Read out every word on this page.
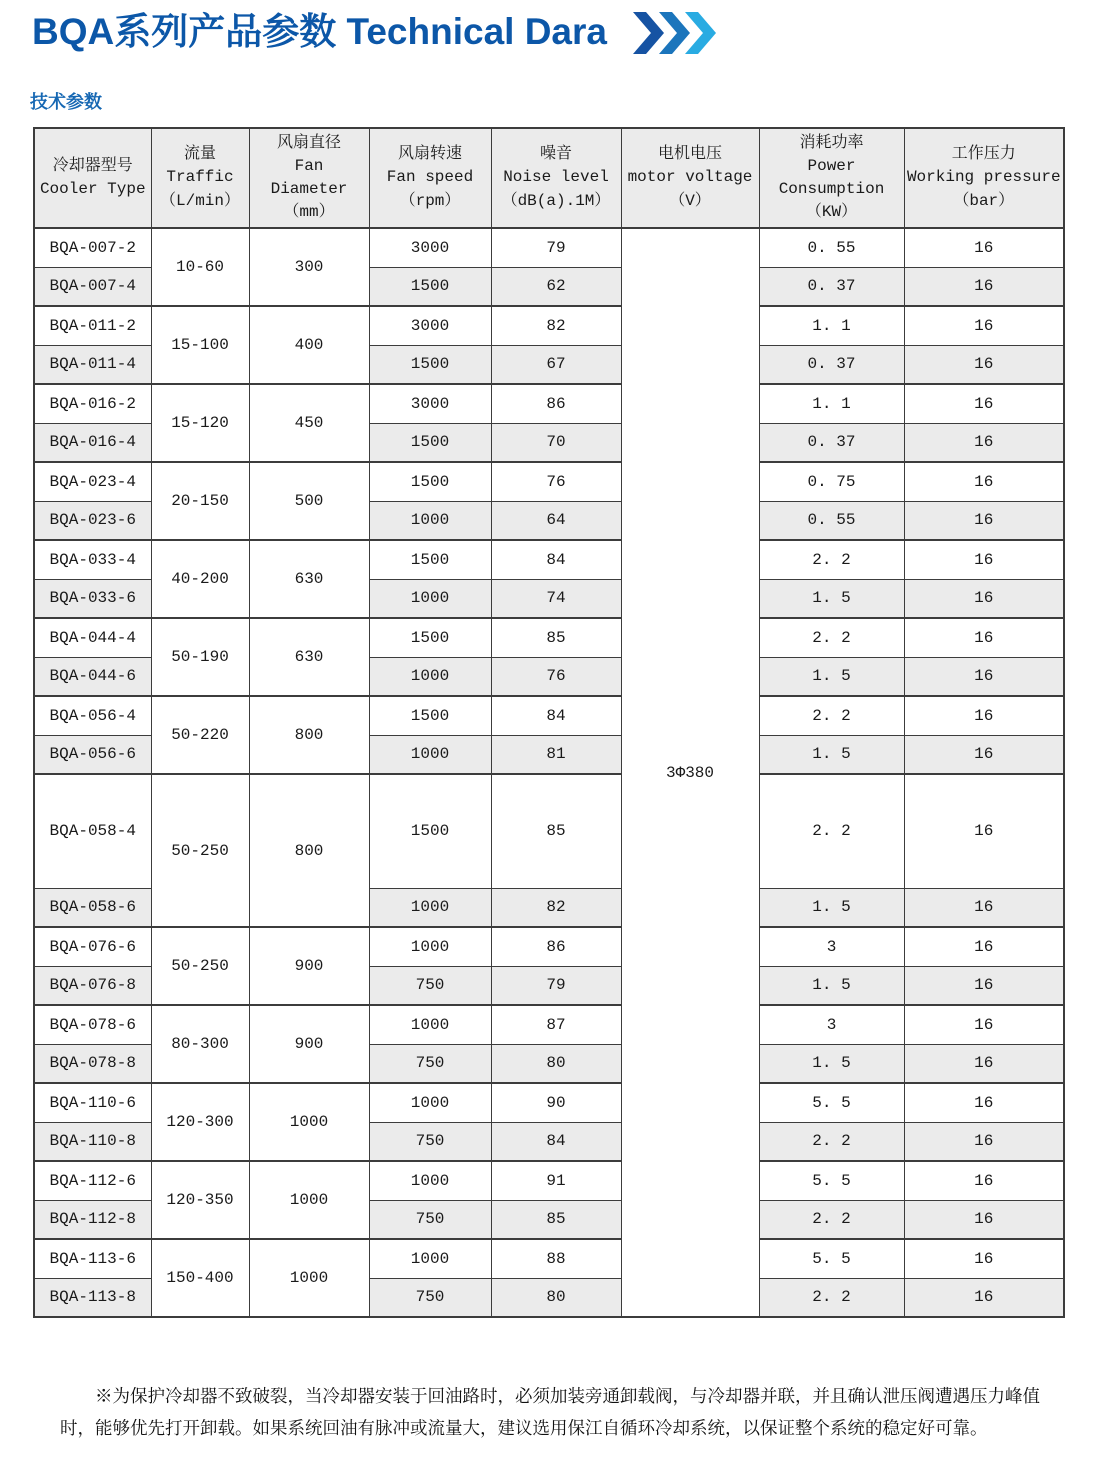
BQA系列产品参数 Technical Dara
技术参数
冷却器型号
Cooler Type

流量
Traffic
（L/min）

风扇直径
Fan Diameter
（mm）

风扇转速
Fan speed
（rpm）

噪音
Noise level
（dB(a).1M）

电机电压
motor voltage
（V）

消耗功率
Power
Consumption
（KW）

工作压力
Working pressure
（bar）

BQA-007-2	10-60	300	3000	79	3Φ380	0. 55	16
BQA-007-4			1500	62		0. 37	16
BQA-011-2	15-100	400	3000	82		1. 1	16
BQA-011-4			1500	67		0. 37	16
BQA-016-2	15-120	450	3000	86		1. 1	16
BQA-016-4			1500	70		0. 37	16
BQA-023-4	20-150	500	1500	76		0. 75	16
BQA-023-6			1000	64		0. 55	16
BQA-033-4	40-200	630	1500	84		2. 2	16
BQA-033-6			1000	74		1. 5	16
BQA-044-4	50-190	630	1500	85		2. 2	16
BQA-044-6			1000	76		1. 5	16
BQA-056-4	50-220	800	1500	84		2. 2	16
BQA-056-6			1000	81		1. 5	16
BQA-058-4	50-250	800	1500	85		2. 2	16
BQA-058-6			1000	82		1. 5	16
BQA-076-6	50-250	900	1000	86		3	16
BQA-076-8			750	79		1. 5	16
BQA-078-6	80-300	900	1000	87		3	16
BQA-078-8			750	80		1. 5	16
BQA-110-6	120-300	1000	1000	90		5. 5	16
BQA-110-8			750	84		2. 2	16
BQA-112-6	120-350	1000	1000	91		5. 5	16
BQA-112-8			750	85		2. 2	16
BQA-113-6	150-400	1000	1000	88		5. 5	16
BQA-113-8			750	80		2. 2	16

※为保护冷却器不致破裂，当冷却器安装于回油路时，必须加装旁通卸载阀，与冷却器并联，并且确认泄压阀遭遇压力峰值时，能够优先打开卸载。如果系统回油有脉冲或流量大，建议选用保江自循环冷却系统，以保证整个系统的稳定好可靠。
